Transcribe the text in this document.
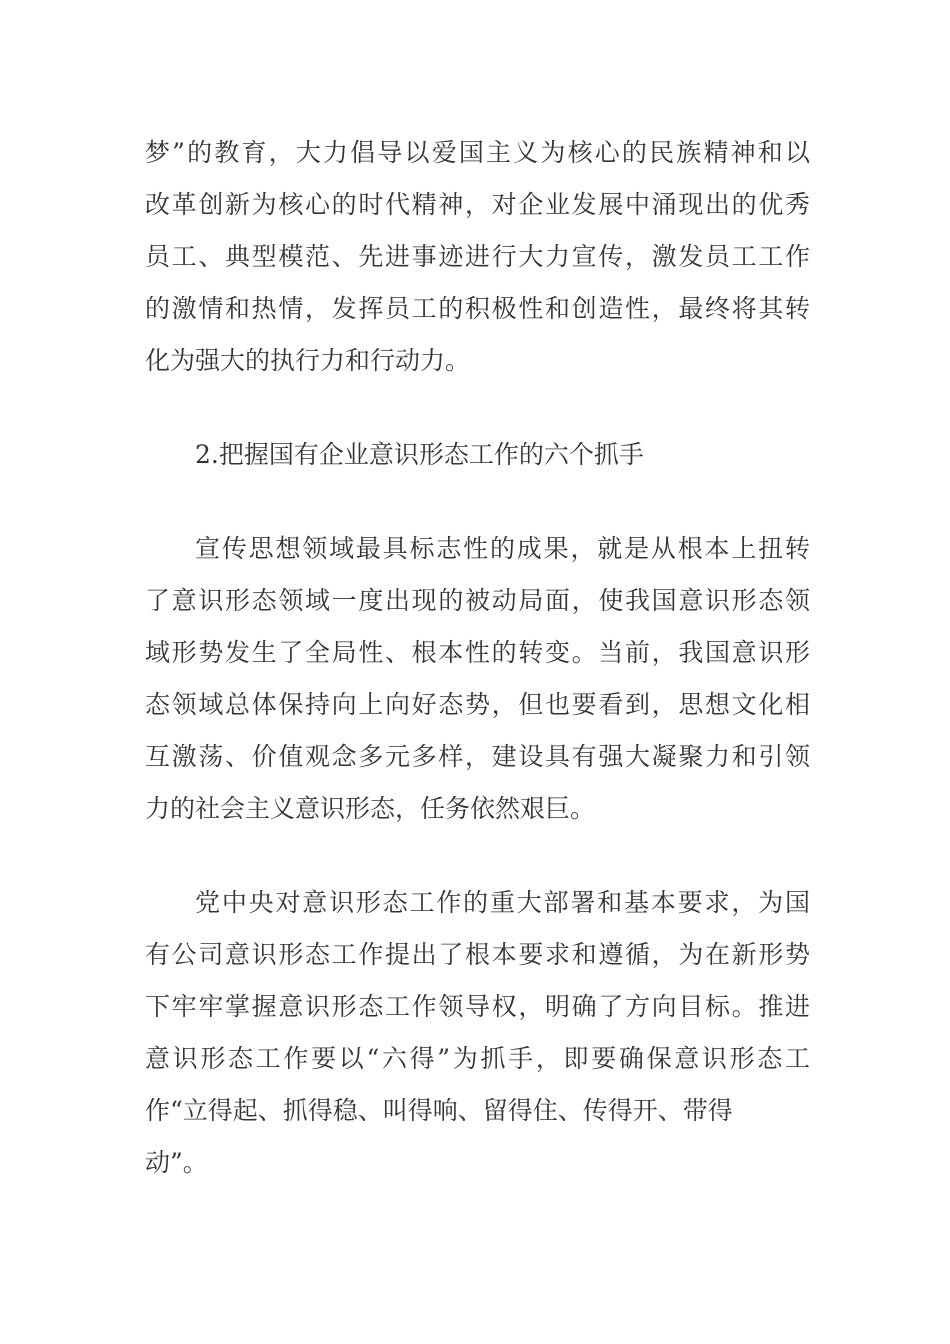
梦”的教育，大力倡导以爱国主义为核心的民族精神和以
改革创新为核心的时代精神，对企业发展中涌现出的优秀
员工、典型模范、先进事迹进行大力宣传，激发员工工作
的激情和热情，发挥员工的积极性和创造性，最终将其转
化为强大的执行力和行动力。
2.把握国有企业意识形态工作的六个抓手
宣传思想领域最具标志性的成果，就是从根本上扭转
了意识形态领域一度出现的被动局面，使我国意识形态领
域形势发生了全局性、根本性的转变。当前，我国意识形
态领域总体保持向上向好态势，但也要看到，思想文化相
互激荡、价值观念多元多样，建设具有强大凝聚力和引领
力的社会主义意识形态，任务依然艰巨。
党中央对意识形态工作的重大部署和基本要求，为国
有公司意识形态工作提出了根本要求和遵循，为在新形势
下牢牢掌握意识形态工作领导权，明确了方向目标。推进
意识形态工作要以“六得”为抓手，即要确保意识形态工
作“立得起、抓得稳、叫得响、留得住、传得开、带得
动”。
